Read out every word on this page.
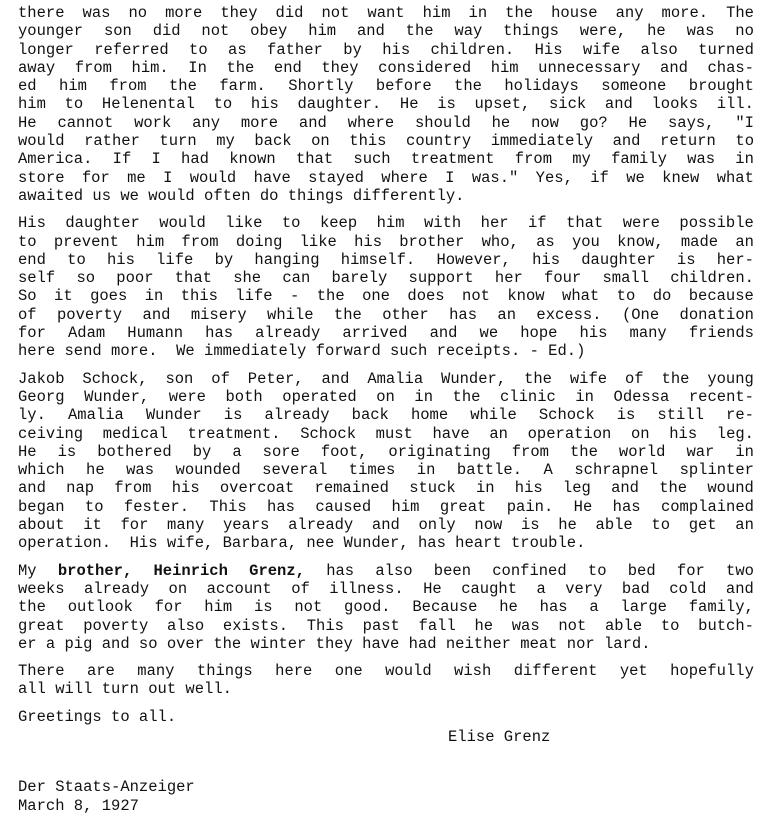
there was no more they did not want him in the house any more. The
younger son did not obey him and the way things were, he was no
longer referred to as father by his children. His wife also turned
away from him. In the end they considered him unnecessary and chas-
ed him from the farm. Shortly before the holidays someone brought
him to Helenental to his daughter. He is upset, sick and looks ill.
He cannot work any more and where should he now go? He says, "I
would rather turn my back on this country immediately and return to
America. If I had known that such treatment from my family was in
store for me I would have stayed where I was." Yes, if we knew what
awaited us we would often do things differently.
His daughter would like to keep him with her if that were possible
to prevent him from doing like his brother who, as you know, made an
end to his life by hanging himself. However, his daughter is her-
self so poor that she can barely support her four small children.
So it goes in this life - the one does not know what to do because
of poverty and misery while the other has an excess. (One donation
for Adam Humann has already arrived and we hope his many friends
here send more.  We immediately forward such receipts. - Ed.)
Jakob Schock, son of Peter, and Amalia Wunder, the wife of the young
Georg Wunder, were both operated on in the clinic in Odessa recent-
ly. Amalia Wunder is already back home while Schock is still re-
ceiving medical treatment. Schock must have an operation on his leg.
He is bothered by a sore foot, originating from the world war in
which he was wounded several times in battle. A schrapnel splinter
and nap from his overcoat remained stuck in his leg and the wound
began to fester. This has caused him great pain. He has complained
about it for many years already and only now is he able to get an
operation.  His wife, Barbara, nee Wunder, has heart trouble.
My brother, Heinrich Grenz, has also been confined to bed for two
weeks already on account of illness. He caught a very bad cold and
the outlook for him is not good. Because he has a large family,
great poverty also exists. This past fall he was not able to butch-
er a pig and so over the winter they have had neither meat nor lard.
There are many things here one would wish different yet hopefully
all will turn out well.
Greetings to all.
Elise Grenz
Der Staats-Anzeiger
March 8, 1927
